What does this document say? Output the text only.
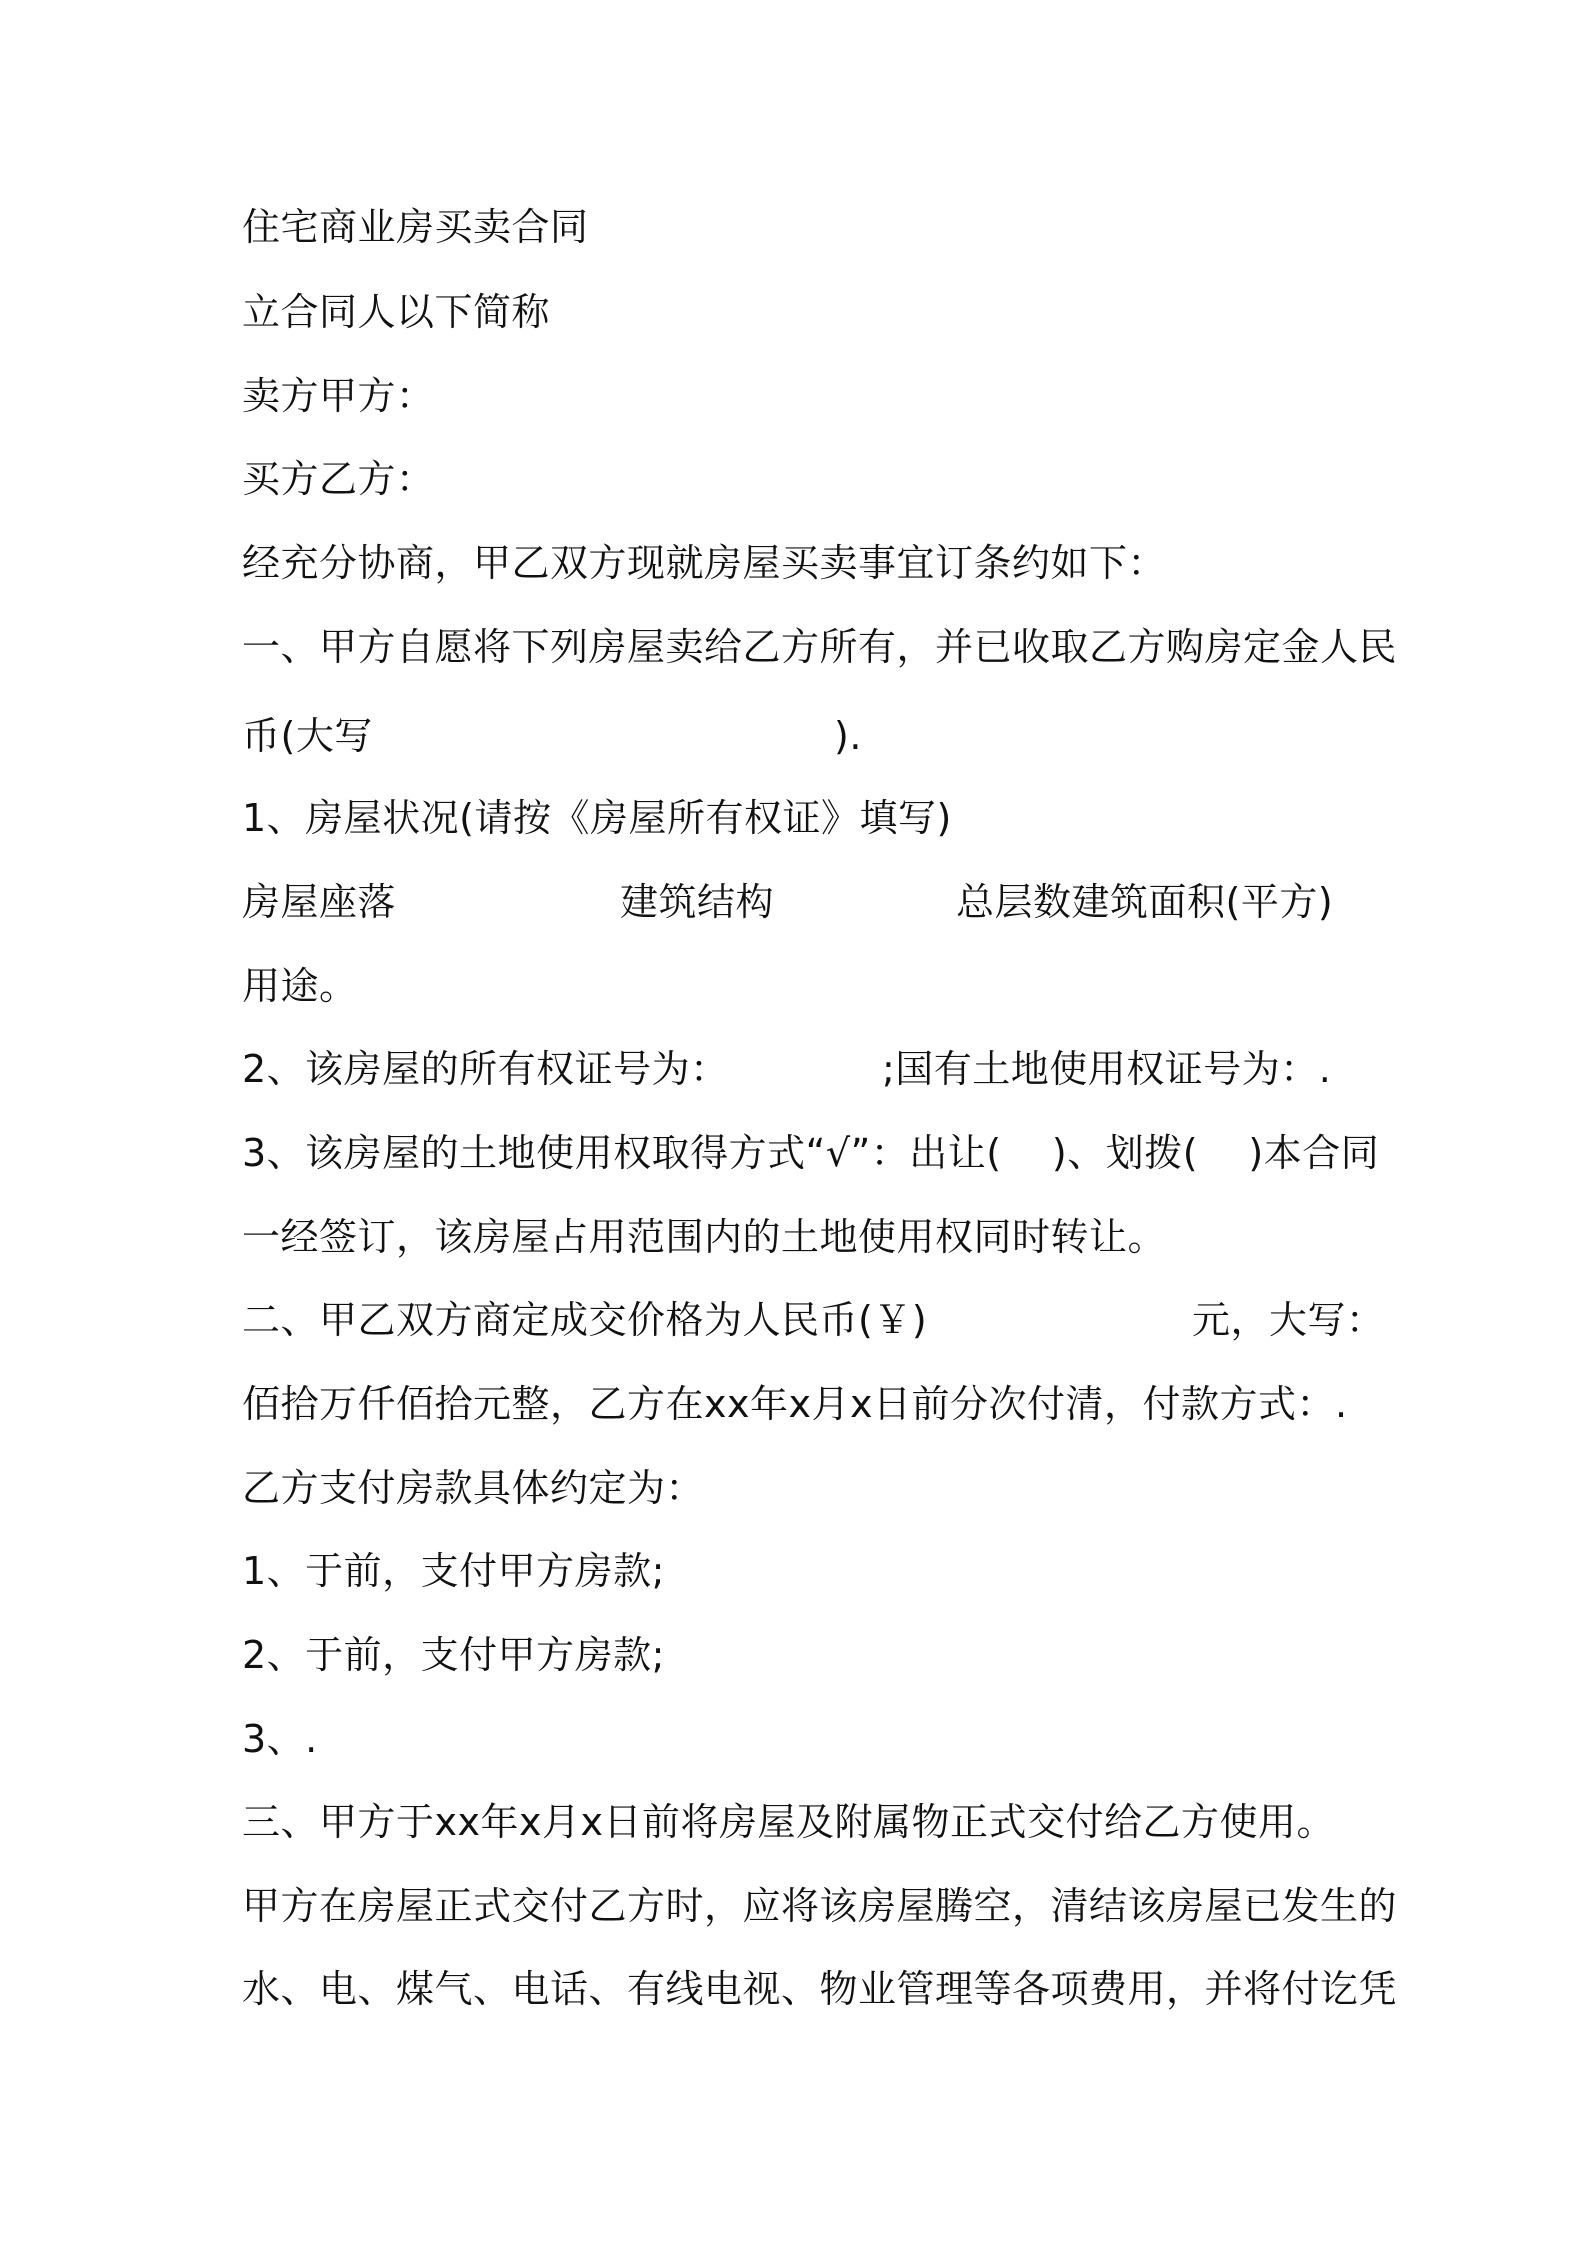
住宅商业房买卖合同
立合同人以下简称
卖方甲方：
买方乙方：
经充分协商，甲乙双方现就房屋买卖事宜订条约如下：
一、甲方自愿将下列房屋卖给乙方所有，并已收取乙方购房定金人民
币(大写	).
1、房屋状况(请按《房屋所有权证》填写)
房屋座落	建筑结构	总层数建筑面积(平方)
用途。
2、该房屋的所有权证号为：	;国有土地使用权证号为：.
3、该房屋的土地使用权取得方式“√”：出让(    )、划拨(    )本合同
一经签订，该房屋占用范围内的土地使用权同时转让。
二、甲乙双方商定成交价格为人民币(￥)	元，大写：
佰拾万仟佰拾元整，乙方在xx年x月x日前分次付清，付款方式：.
乙方支付房款具体约定为：
1、于前，支付甲方房款;
2、于前，支付甲方房款;
3、.
三、甲方于xx年x月x日前将房屋及附属物正式交付给乙方使用。
甲方在房屋正式交付乙方时，应将该房屋腾空，清结该房屋已发生的
水、电、煤气、电话、有线电视、物业管理等各项费用，并将付讫凭
